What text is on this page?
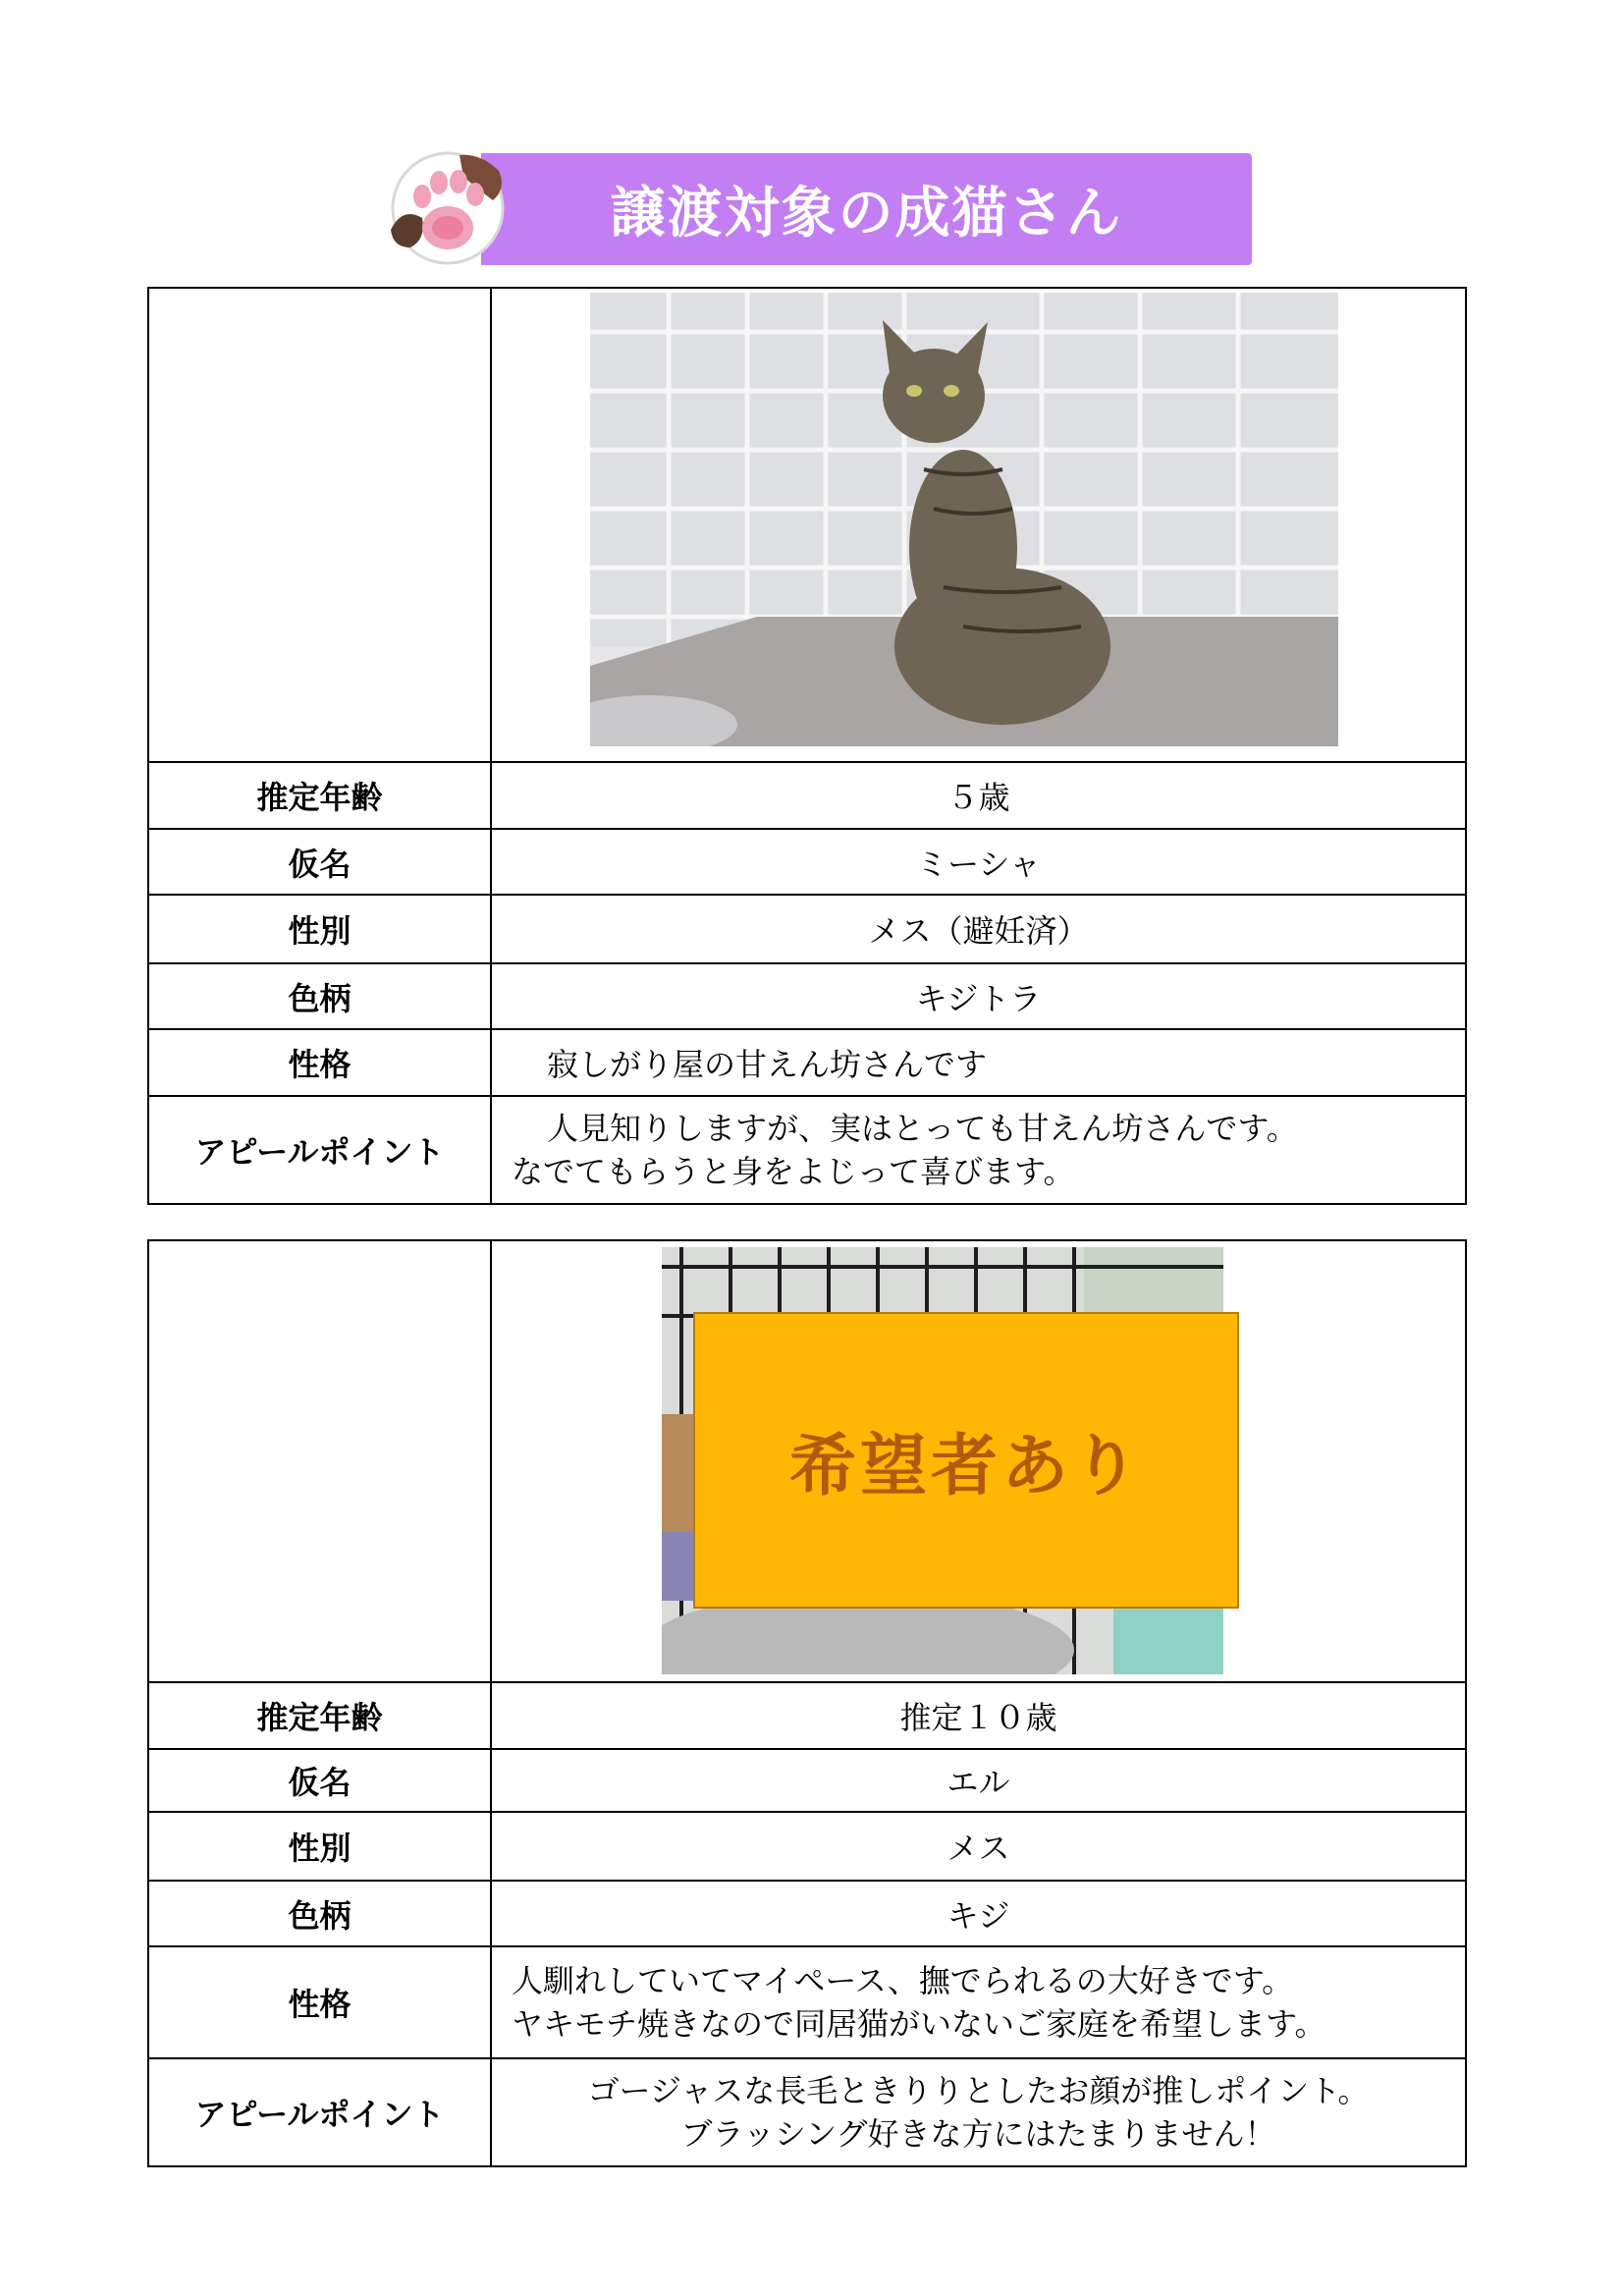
譲渡対象の成猫さん

推定年齢	５歳
仮名	ミーシャ
性別	メス（避妊済）
色柄	キジトラ
性格	寂しがり屋の甘えん坊さんです
アピールポイント	人見知りしますが、実はとっても甘えん坊さんです。
なでてもらうと身をよじって喜びます。

希望者あり

推定年齢	推定１０歳
仮名	エル
性別	メス
色柄	キジ
性格	人馴れしていてマイペース、撫でられるの大好きです。
ヤキモチ焼きなので同居猫がいないご家庭を希望します。

アピールポイント	ゴージャスな長毛ときりりとしたお顔が推しポイント。
ブラッシング好きな方にはたまりません！
